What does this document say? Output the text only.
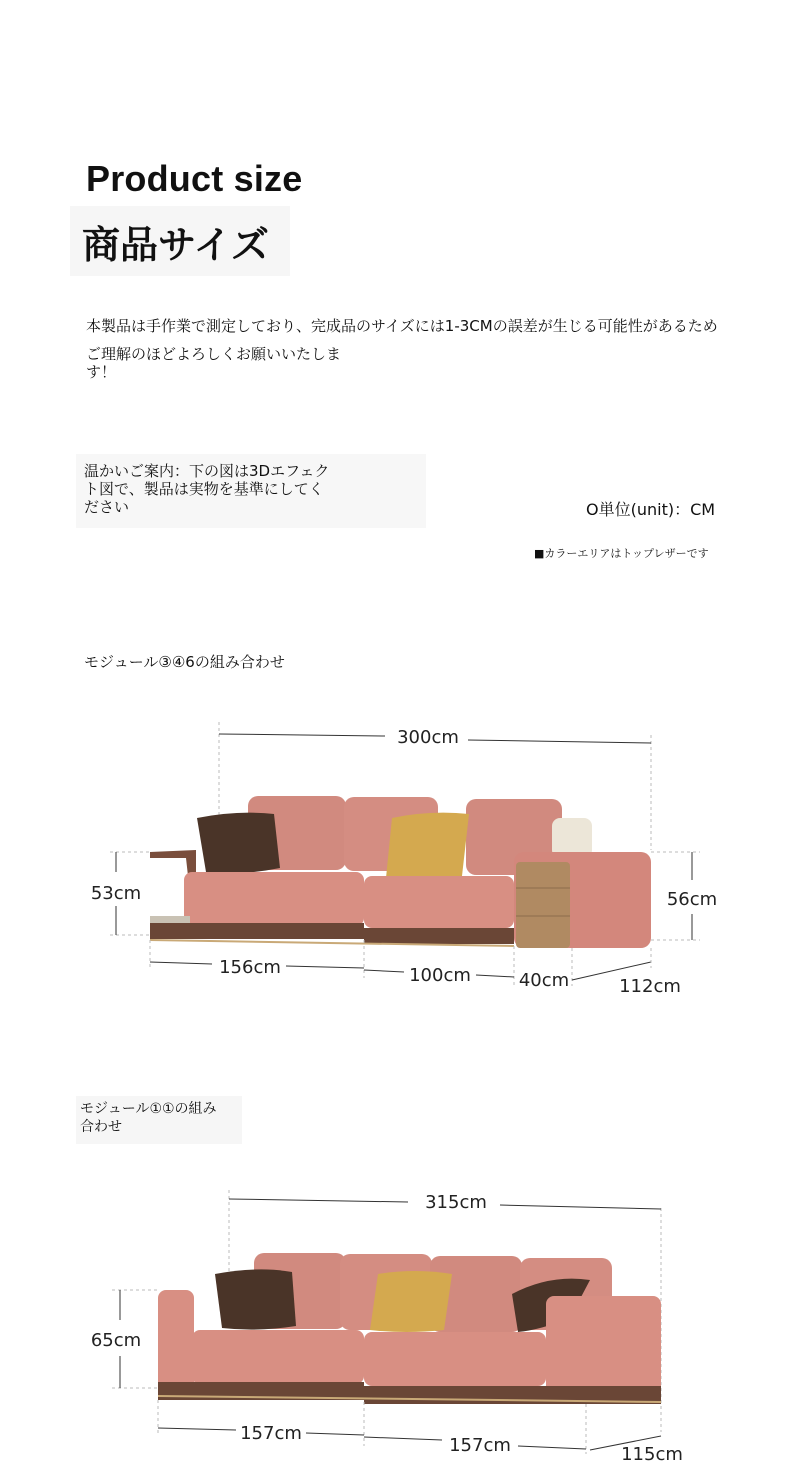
Product size
商品サイズ
本製品は手作業で測定しており、完成品のサイズには1-3CMの誤差が生じる可能性があるため
ご理解のほどよろしくお願いいたします！
温かいご案内：下の図は3Dエフェクト図で、製品は実物を基準にしてください	O単位(unit)：CM
■カラーエリアはトップレザーです
モジュール③④6の組み合わせ
300cm
53cm	56cm
156cm	100cm	40cm	112cm
モジュール①①の組み合わせ
315cm
65cm
157cm
157cm	115cm
